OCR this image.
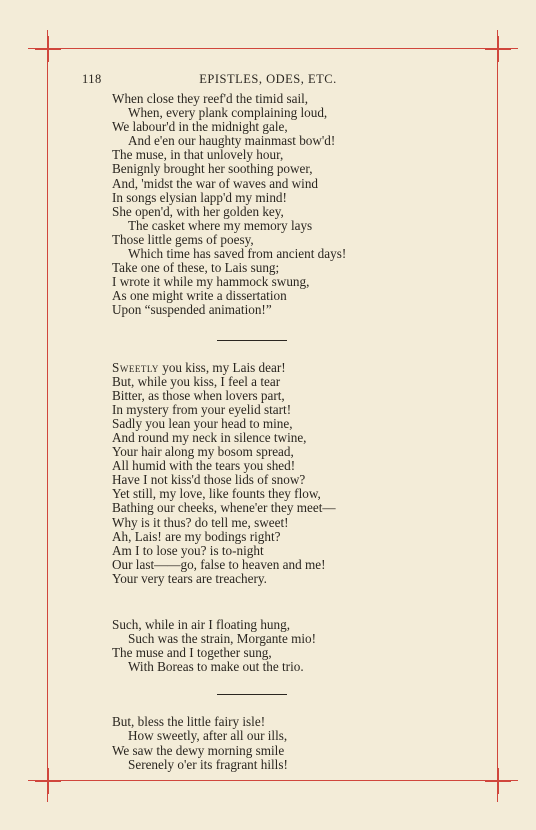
118	EPISTLES, ODES, ETC.
When close they reef'd the timid sail,
When, every plank complaining loud,
We labour'd in the midnight gale,
And e'en our haughty mainmast bow'd!
The muse, in that unlovely hour,
Benignly brought her soothing power,
And, 'midst the war of waves and wind
In songs elysian lapp'd my mind!
She open'd, with her golden key,
The casket where my memory lays
Those little gems of poesy,
Which time has saved from ancient days!
Take one of these, to Lais sung;
I wrote it while my hammock swung,
As one might write a dissertation
Upon “suspended animation!”
Sweetly you kiss, my Lais dear!
But, while you kiss, I feel a tear
Bitter, as those when lovers part,
In mystery from your eyelid start!
Sadly you lean your head to mine,
And round my neck in silence twine,
Your hair along my bosom spread,
All humid with the tears you shed!
Have I not kiss'd those lids of snow?
Yet still, my love, like founts they flow,
Bathing our cheeks, whene'er they meet—
Why is it thus? do tell me, sweet!
Ah, Lais! are my bodings right?
Am I to lose you? is to-night
Our last——go, false to heaven and me!
Your very tears are treachery.
Such, while in air I floating hung,
Such was the strain, Morgante mio!
The muse and I together sung,
With Boreas to make out the trio.
But, bless the little fairy isle!
How sweetly, after all our ills,
We saw the dewy morning smile
Serenely o'er its fragrant hills!
